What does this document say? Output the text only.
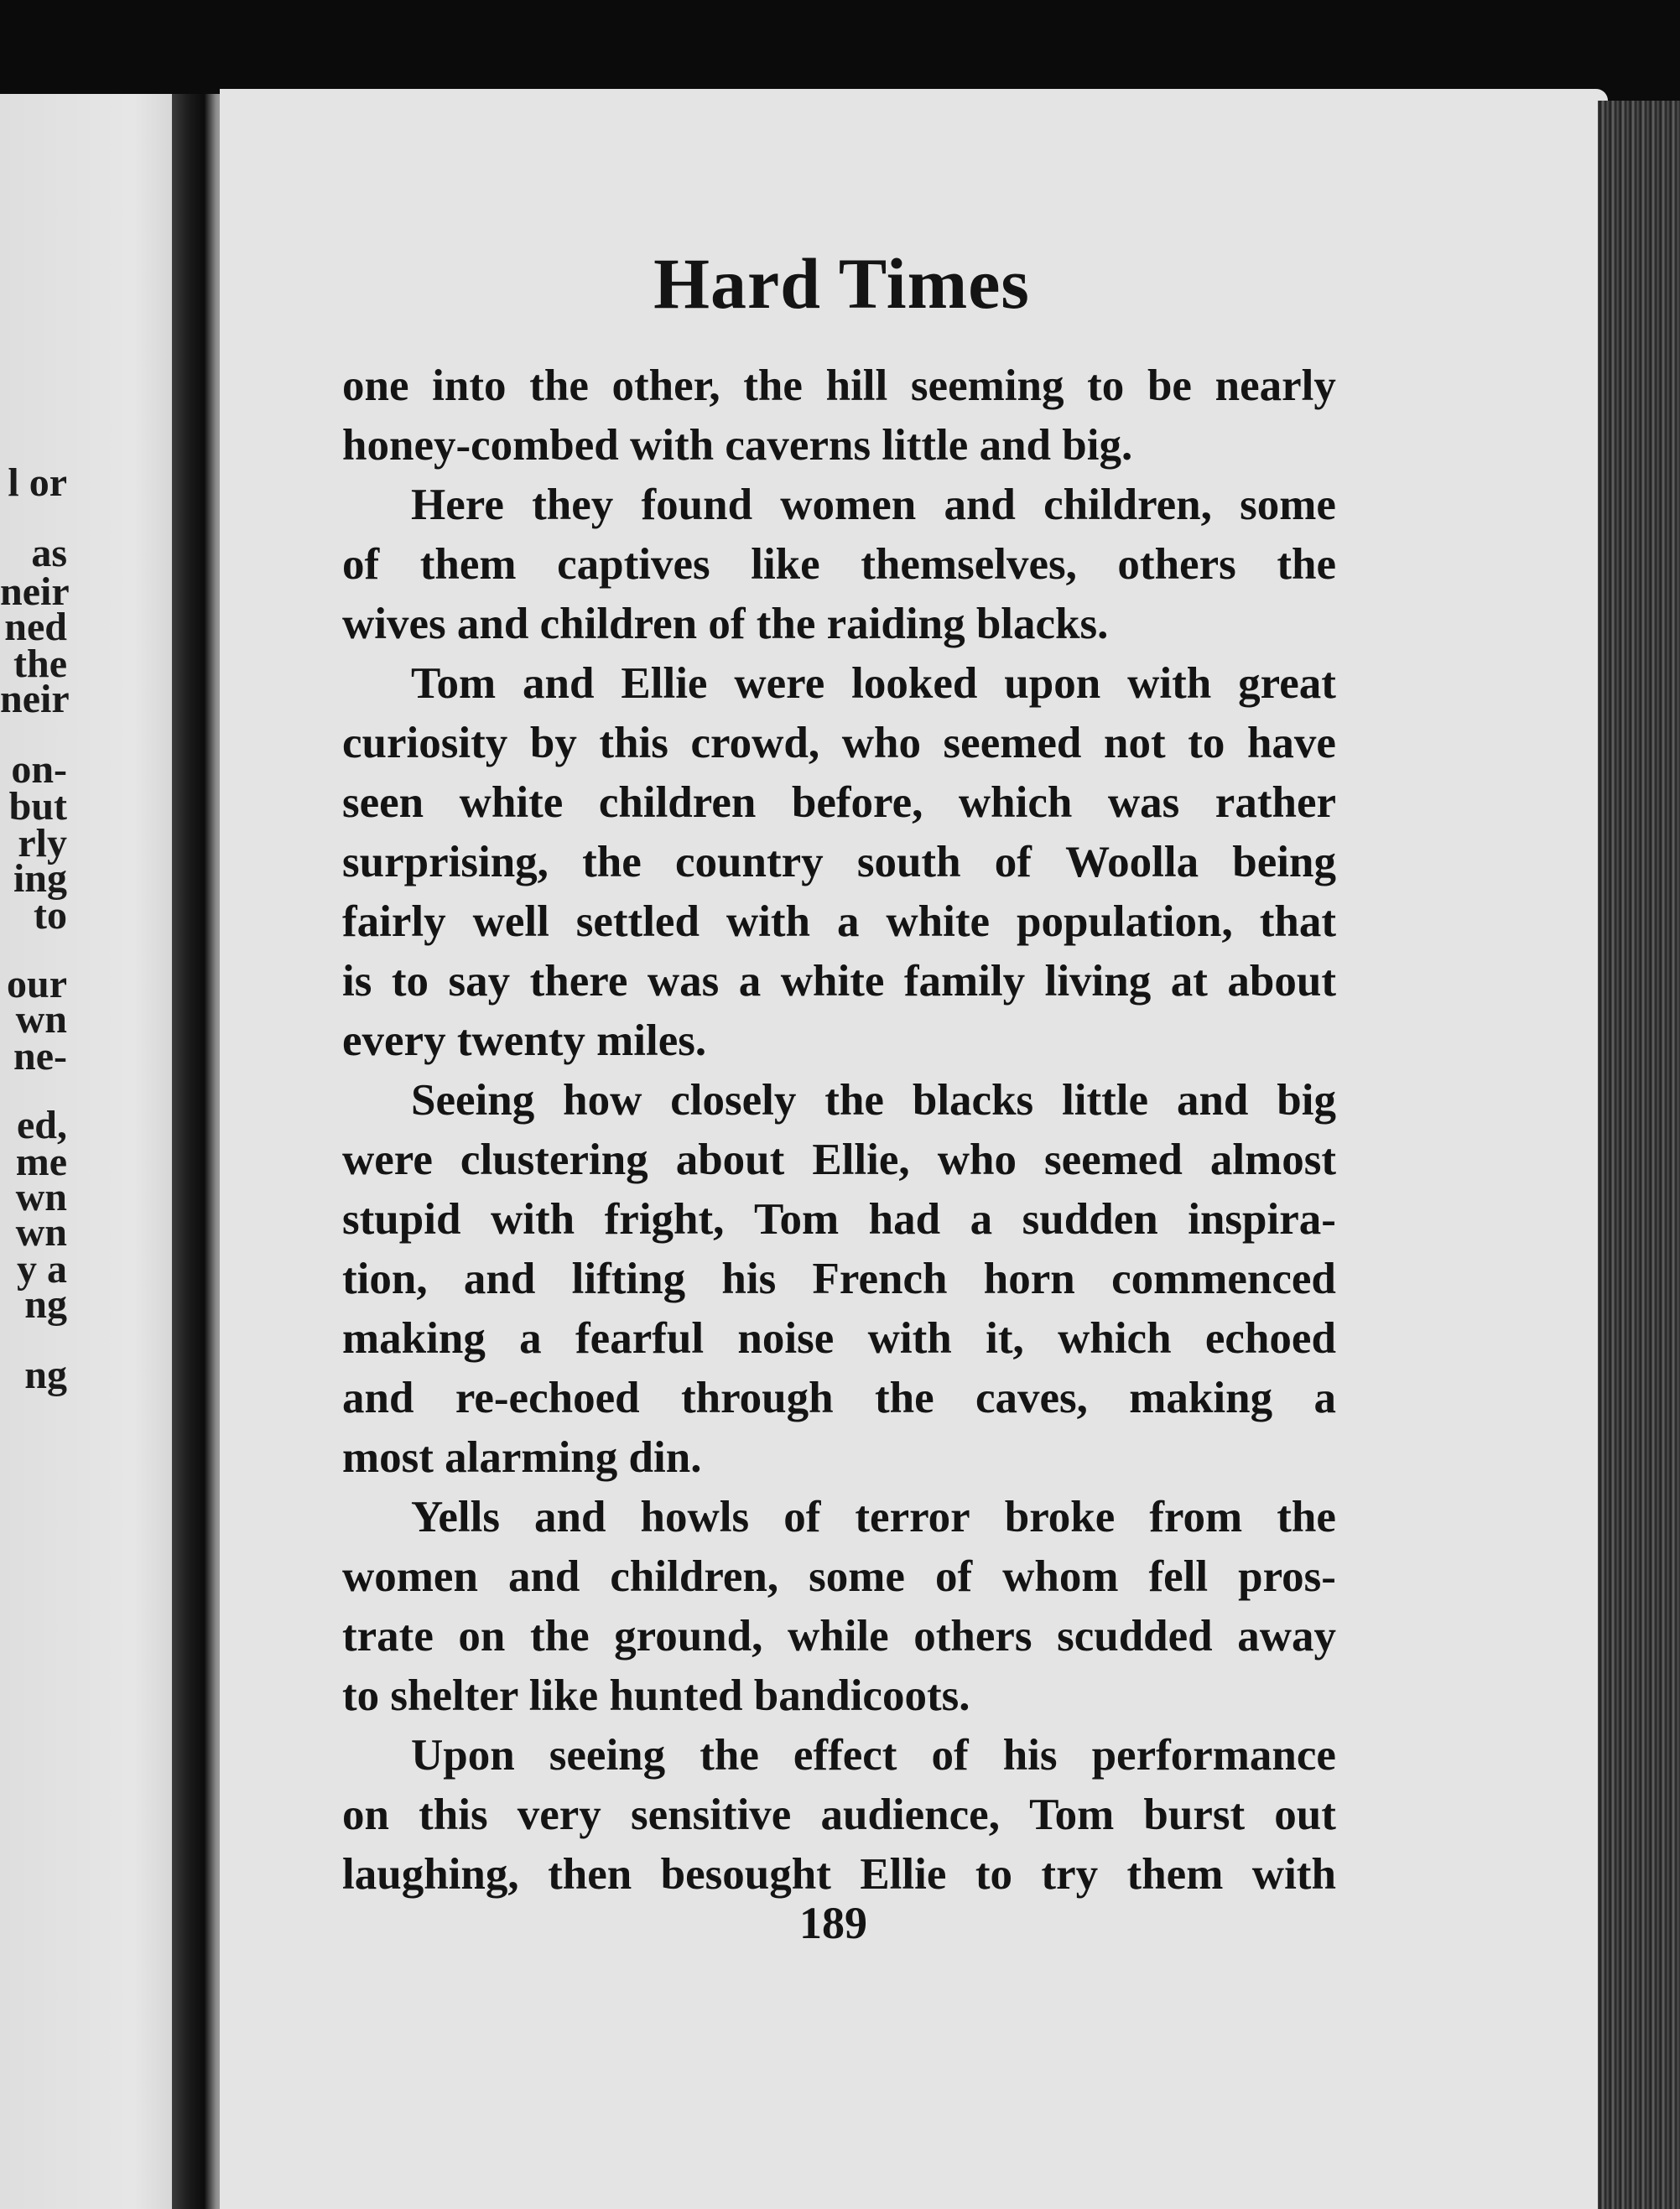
l or
as
neir
ned
the
neir
on-
but
rly
ing
to
our
wn
ne-
ed,
me
wn
wn
y a
ng
ng
Hard Times
one into the other, the hill seeming to be nearly
honey-combed with caverns little and big.
Here they found women and children, some
of them captives like themselves, others the
wives and children of the raiding blacks.
Tom and Ellie were looked upon with great
curiosity by this crowd, who seemed not to have
seen white children before, which was rather
surprising, the country south of Woolla being
fairly well settled with a white population, that
is to say there was a white family living at about
every twenty miles.
Seeing how closely the blacks little and big
were clustering about Ellie, who seemed almost
stupid with fright, Tom had a sudden inspira-
tion, and lifting his French horn commenced
making a fearful noise with it, which echoed
and re-echoed through the caves, making a
most alarming din.
Yells and howls of terror broke from the
women and children, some of whom fell pros-
trate on the ground, while others scudded away
to shelter like hunted bandicoots.
Upon seeing the effect of his performance
on this very sensitive audience, Tom burst out
laughing, then besought Ellie to try them with
189
